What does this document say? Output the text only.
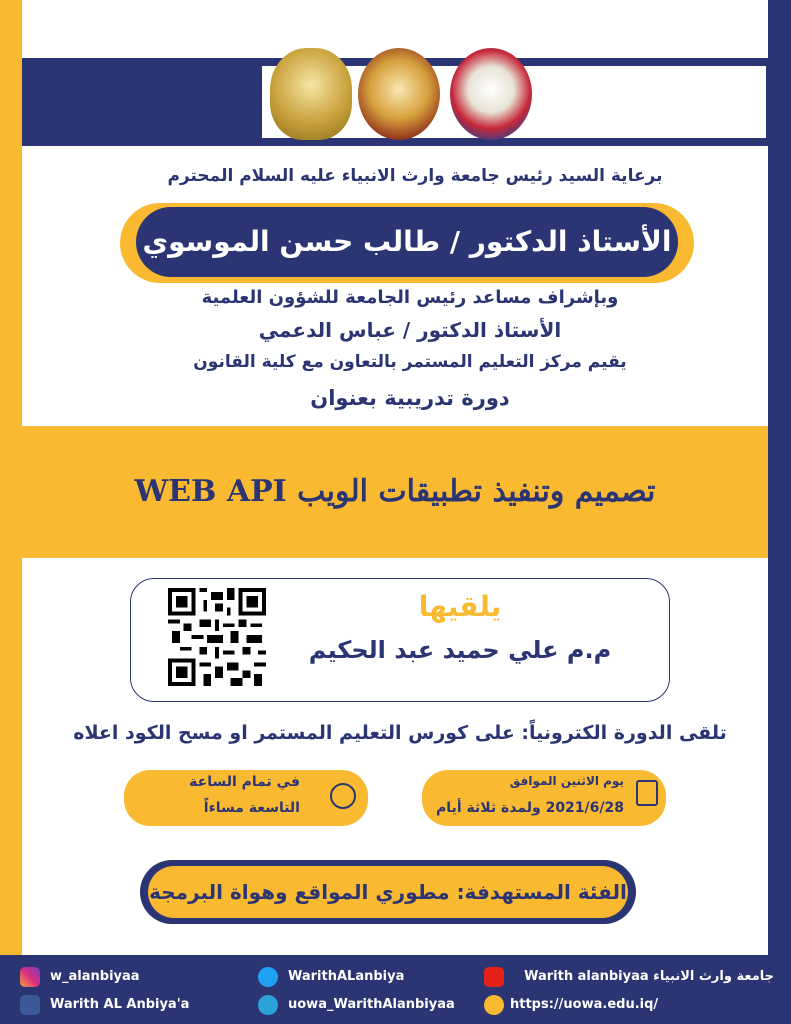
إعلان
برعاية السيد رئيس جامعة وارث الانبياء عليه السلام المحترم
الأستاذ الدكتور / طالب حسن الموسوي
وبإشراف مساعد رئيس الجامعة للشؤون العلمية
الأستاذ الدكتور / عباس الدعمي
يقيم مركز التعليم المستمر بالتعاون مع كلية القانون
دورة تدريبية بعنوان
تصميم وتنفيذ تطبيقات الويب WEB API
يلقيها
م.م علي حميد عبد الحكيم
تلقى الدورة الكترونياً: على كورس التعليم المستمر او مسح الكود اعلاه
في تمام الساعة
التاسعة مساءاً
يوم الاثنين الموافق
2021/6/28 ولمدة ثلاثة أيام
الفئة المستهدفة: مطوري المواقع وهواة البرمجة
w_alanbiyaa
Warith AL Anbiya'a
WarithALanbiya
uowa_WarithAlanbiyaa
جامعة وارث الانبياء Warith alanbiyaa
https://uowa.edu.iq/
